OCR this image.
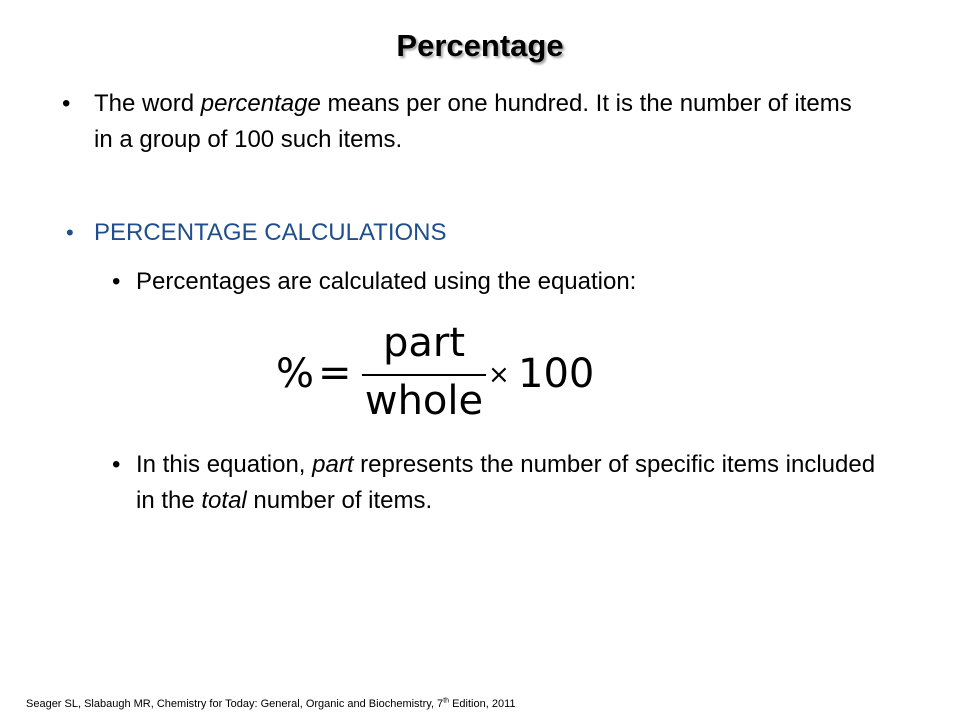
Percentage
• The word percentage means per one hundred. It is the number of items in a group of 100 such items.
• PERCENTAGE CALCULATIONS
• Percentages are calculated using the equation:
% =
part
whole
× 100
• In this equation, part represents the number of specific items included in the total number of items.
Seager SL, Slabaugh MR, Chemistry for Today: General, Organic and Biochemistry, 7th Edition, 2011
